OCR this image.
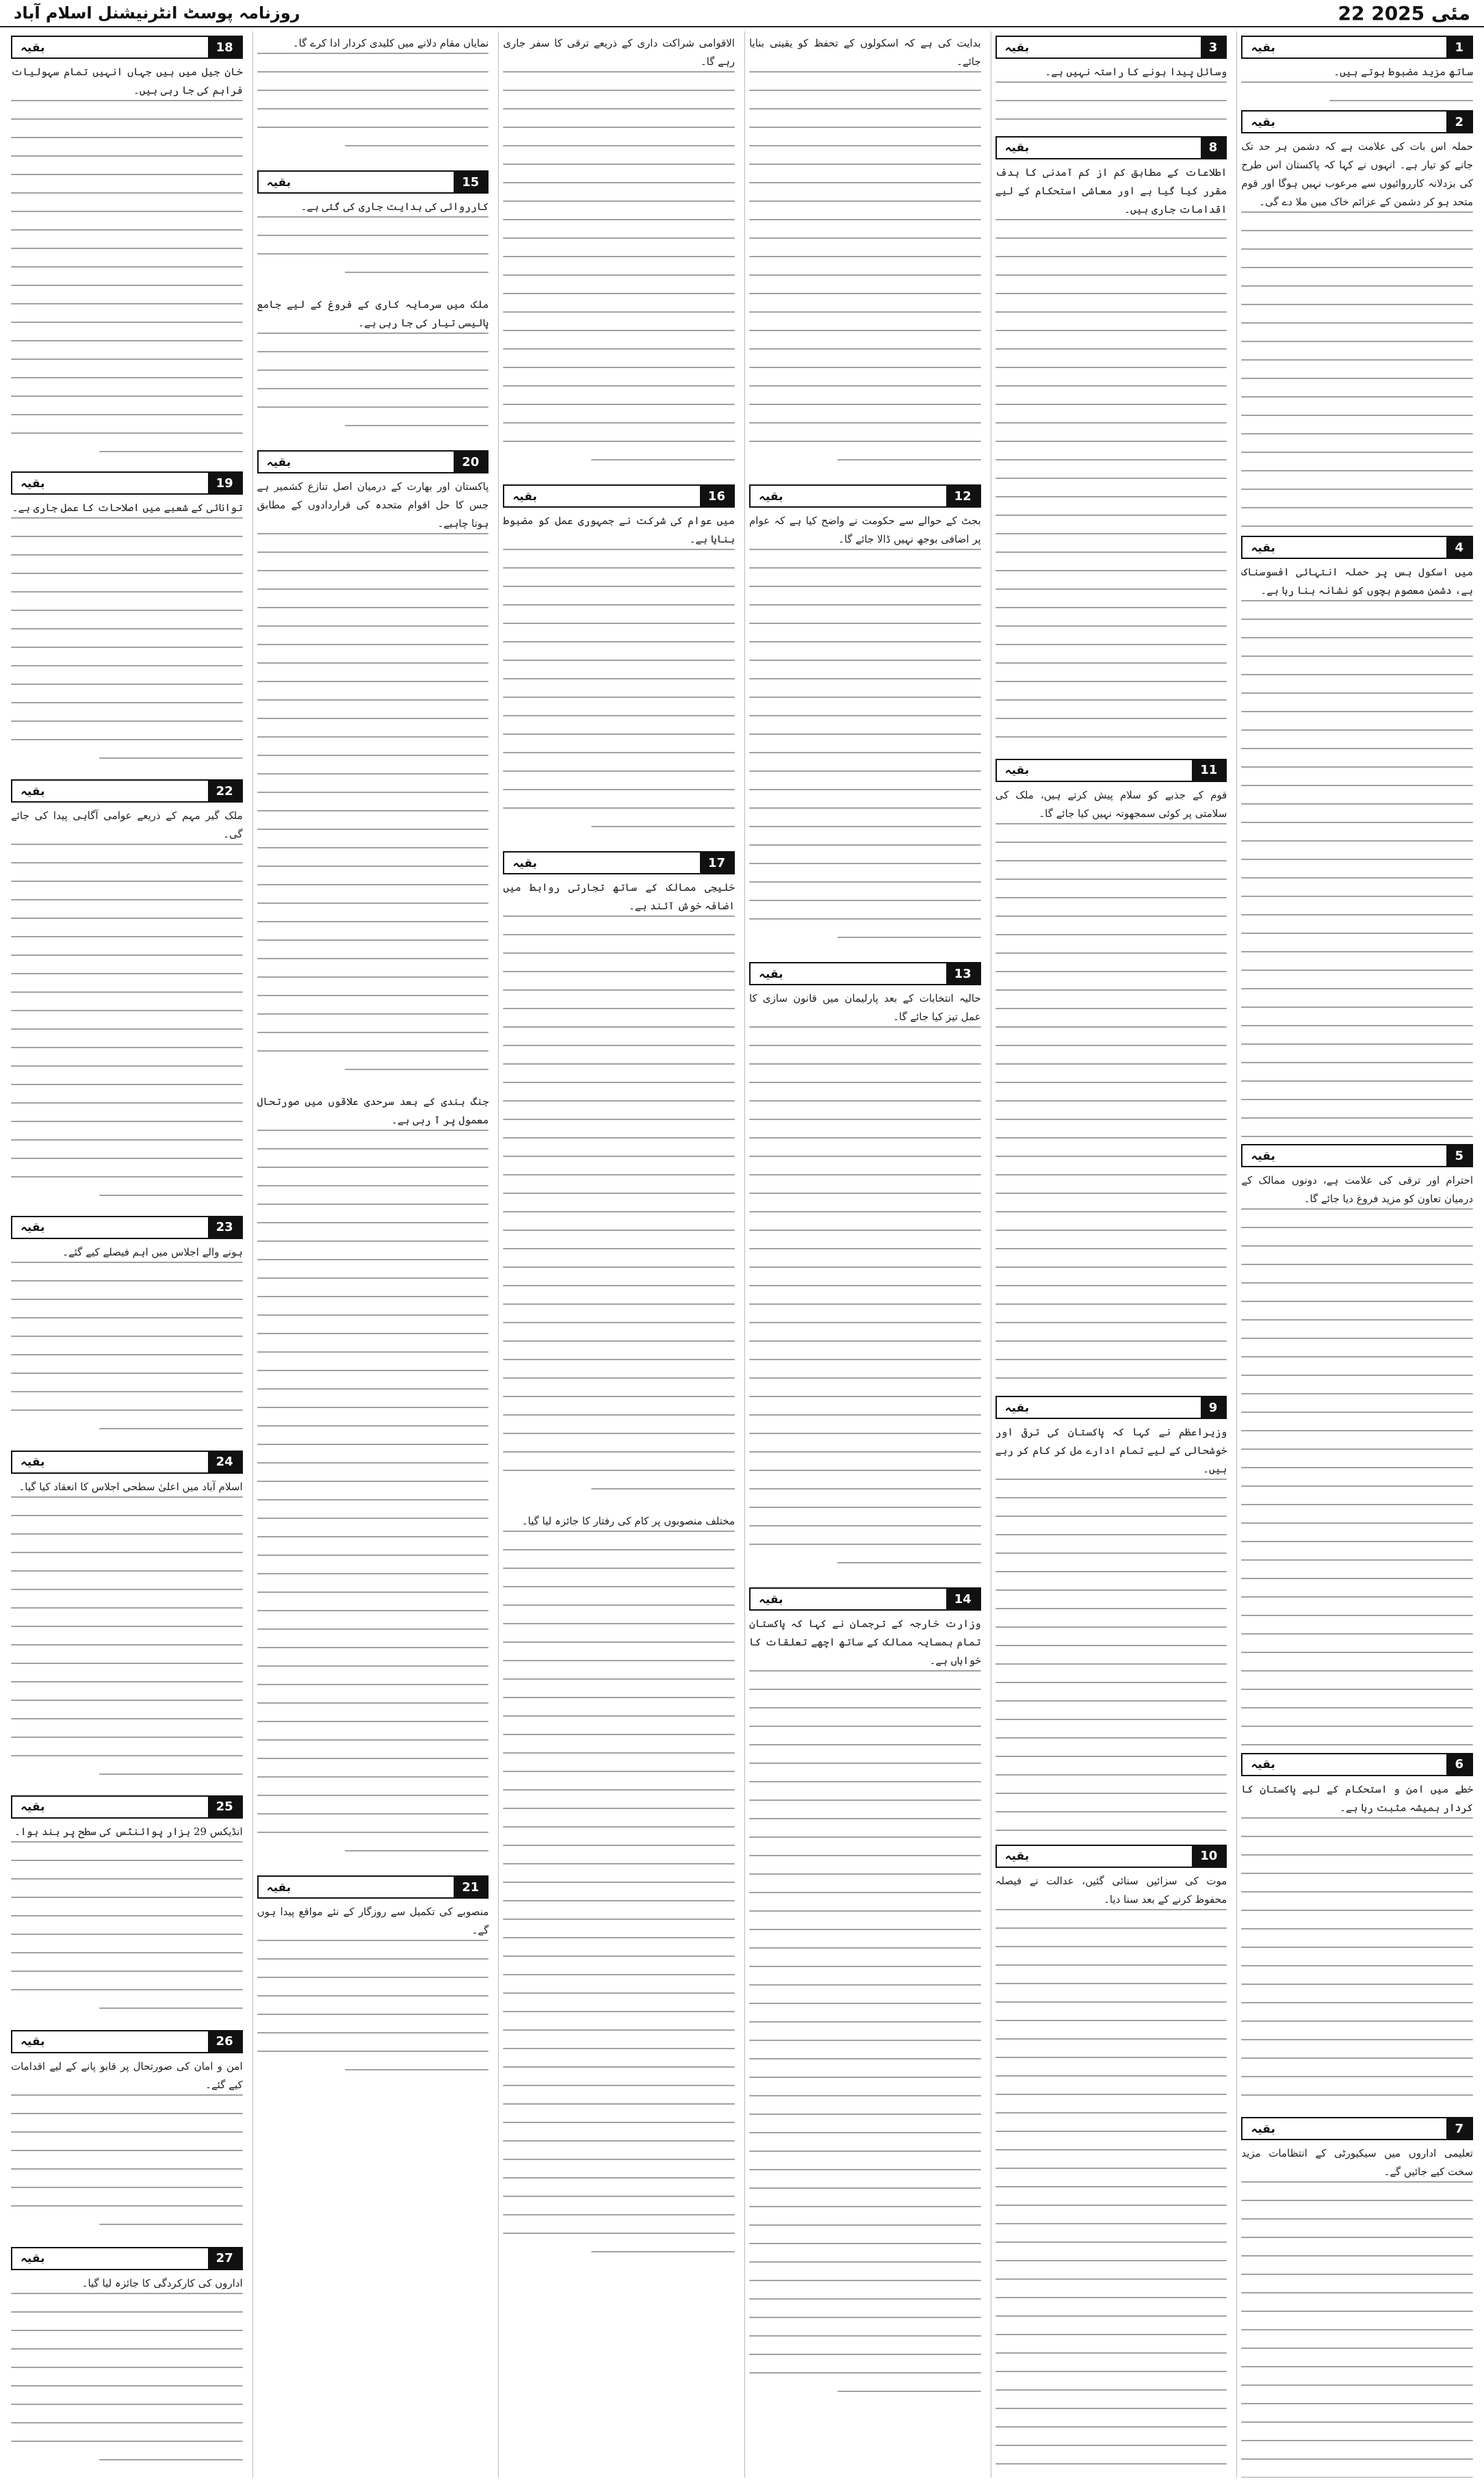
22 مئی 2025
روزنامہ پوسٹ انٹرنیشنل اسلام آباد
1
بقیہ
ساتھ مزید مضبوط ہوتے ہیں۔
2
بقیہ
حملہ اس بات کی علامت ہے کہ دشمن ہر حد تک جانے کو تیار ہے۔ انہوں نے کہا کہ پاکستان اس طرح کی بزدلانہ کارروائیوں سے مرعوب نہیں ہوگا اور قوم متحد ہو کر دشمن کے عزائم خاک میں ملا دے گی۔
4
بقیہ
میں اسکول بس پر حملہ انتہائی افسوسناک ہے، دشمن معصوم بچوں کو نشانہ بنا رہا ہے۔
5
بقیہ
احترام اور ترقی کی علامت ہے، دونوں ممالک کے درمیان تعاون کو مزید فروغ دیا جائے گا۔
6
بقیہ
خطے میں امن و استحکام کے لیے پاکستان کا کردار ہمیشہ مثبت رہا ہے۔
7
بقیہ
تعلیمی اداروں میں سیکیورٹی کے انتظامات مزید سخت کیے جائیں گے۔
3
بقیہ
وسائل پیدا ہونے کا راستہ نہیں ہے۔
8
بقیہ
اطلاعات کے مطابق کم از کم آمدنی کا ہدف مقرر کیا گیا ہے اور معاشی استحکام کے لیے اقدامات جاری ہیں۔
11
بقیہ
قوم کے جذبے کو سلام پیش کرتے ہیں، ملک کی سلامتی پر کوئی سمجھوتہ نہیں کیا جائے گا۔
9
بقیہ
وزیراعظم نے کہا کہ پاکستان کی ترقی اور خوشحالی کے لیے تمام ادارے مل کر کام کر رہے ہیں۔
10
بقیہ
موت کی سزائیں سنائی گئیں، عدالت نے فیصلہ محفوظ کرنے کے بعد سنا دیا۔
بدایت کی ہے کہ اسکولوں کے تحفظ کو یقینی بنایا جائے۔
12
بقیہ
بجٹ کے حوالے سے حکومت نے واضح کیا ہے کہ عوام پر اضافی بوجھ نہیں ڈالا جائے گا۔
13
بقیہ
حالیہ انتخابات کے بعد پارلیمان میں قانون سازی کا عمل تیز کیا جائے گا۔
14
بقیہ
وزارت خارجہ کے ترجمان نے کہا کہ پاکستان تمام ہمسایہ ممالک کے ساتھ اچھے تعلقات کا خواہاں ہے۔
الاقوامی شراکت داری کے ذریعے ترقی کا سفر جاری رہے گا۔
16
بقیہ
میں عوام کی شرکت نے جمہوری عمل کو مضبوط بنایا ہے۔
17
بقیہ
خلیجی ممالک کے ساتھ تجارتی روابط میں اضافہ خوش آئند ہے۔
مختلف منصوبوں پر کام کی رفتار کا جائزہ لیا گیا۔
نمایاں مقام دلانے میں کلیدی کردار ادا کرے گا۔
15
بقیہ
کارروائی کی ہدایت جاری کی گئی ہے۔
ملک میں سرمایہ کاری کے فروغ کے لیے جامع پالیسی تیار کی جا رہی ہے۔
20
بقیہ
پاکستان اور بھارت کے درمیان اصل تنازع کشمیر ہے جس کا حل اقوام متحدہ کی قراردادوں کے مطابق ہونا چاہیے۔
جنگ بندی کے بعد سرحدی علاقوں میں صورتحال معمول پر آ رہی ہے۔
21
بقیہ
منصوبے کی تکمیل سے روزگار کے نئے مواقع پیدا ہوں گے۔
18
بقیہ
خان جیل میں ہیں جہاں انہیں تمام سہولیات فراہم کی جا رہی ہیں۔
19
بقیہ
توانائی کے شعبے میں اصلاحات کا عمل جاری ہے۔
22
بقیہ
ملک گیر مہم کے ذریعے عوامی آگاہی پیدا کی جائے گی۔
23
بقیہ
ہونے والے اجلاس میں اہم فیصلے کیے گئے۔
24
بقیہ
اسلام آباد میں اعلیٰ سطحی اجلاس کا انعقاد کیا گیا۔
25
بقیہ
انڈیکس 29 ہزار پوائنٹس کی سطح پر بند ہوا۔
26
بقیہ
امن و امان کی صورتحال پر قابو پانے کے لیے اقدامات کیے گئے۔
27
بقیہ
اداروں کی کارکردگی کا جائزہ لیا گیا۔
